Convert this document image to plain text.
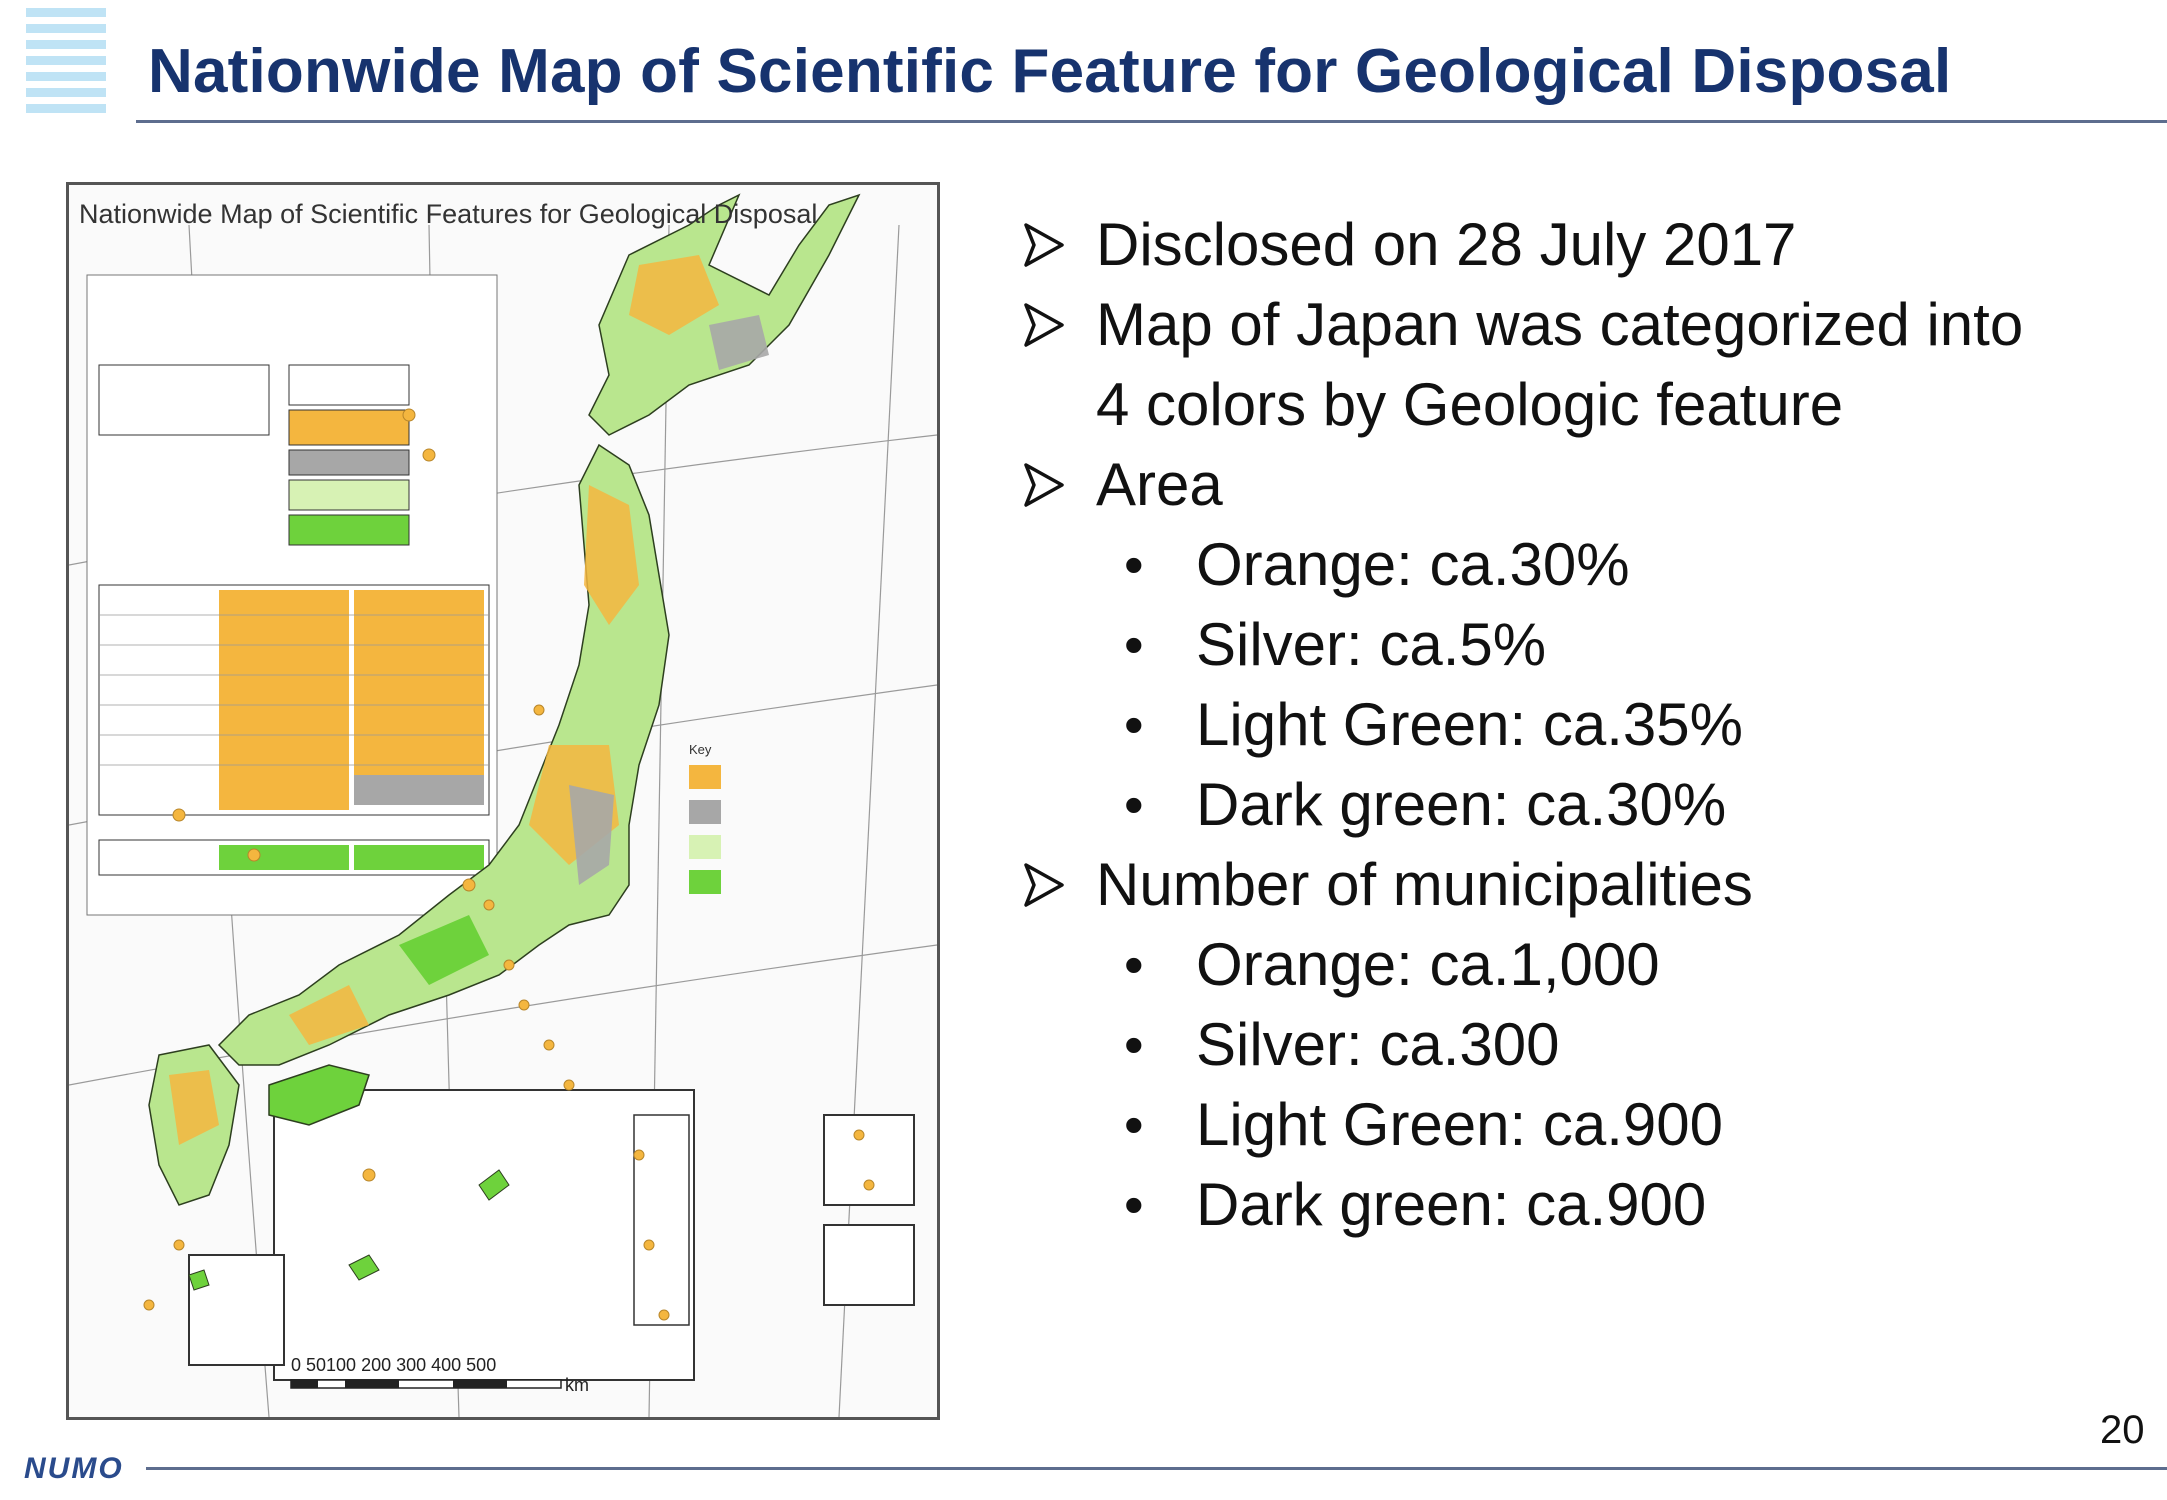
Nationwide Map of Scientific Feature for Geological Disposal
Nationwide Map of Scientific Features for Geological Disposal
Key
0 50100 200 300 400 500
km
Disclosed on 28 July 2017
Map of Japan was categorized into
4 colors by Geologic feature
Area
• Orange: ca.30%
• Silver: ca.5%
• Light Green: ca.35%
• Dark green: ca.30%
Number of municipalities
• Orange: ca.1,000
• Silver: ca.300
• Light Green: ca.900
• Dark green: ca.900
20
NUMO
